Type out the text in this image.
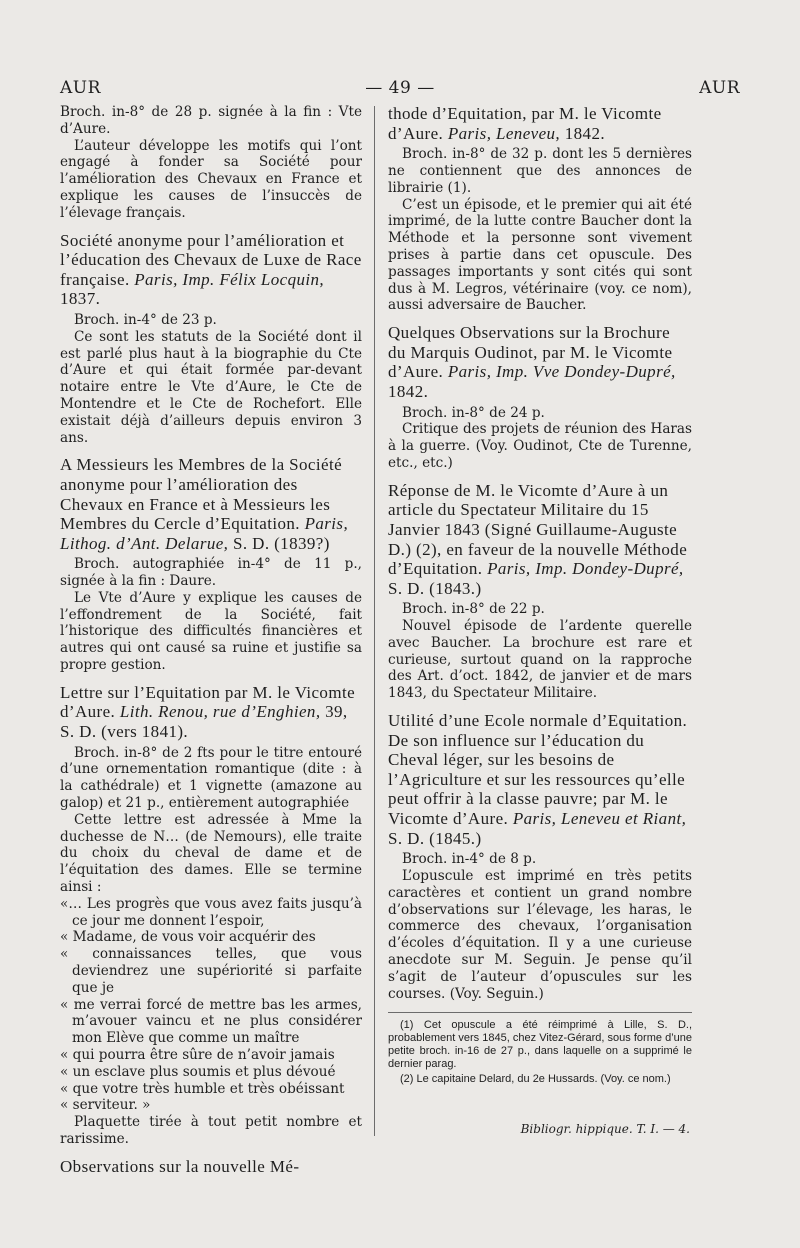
AUR	— 49 —	AUR

Broch. in-8° de 28 p. signée à la fin : Vte d’Aure.

L’auteur développe les motifs qui l’ont engagé à fonder sa Société pour l’amélioration des Chevaux en France et explique les causes de l’insuccès de l’élevage français.

Société anonyme pour l’amélioration et l’éducation des Chevaux de Luxe de Race française. Paris, Imp. Félix Locquin, 1837.

Broch. in-4° de 23 p.

Ce sont les statuts de la Société dont il est parlé plus haut à la biographie du Cte d’Aure et qui était formée par-devant notaire entre le Vte d’Aure, le Cte de Montendre et le Cte de Rochefort. Elle existait déjà d’ailleurs depuis environ 3 ans.

A Messieurs les Membres de la Société anonyme pour l’amélioration des Chevaux en France et à Messieurs les Membres du Cercle d’Equitation. Paris, Lithog. d’Ant. Delarue, S. D. (1839?)

Broch. autographiée in-4° de 11 p., signée à la fin : Daure.

Le Vte d’Aure y explique les causes de l’effondrement de la Société, fait l’historique des difficultés financières et autres qui ont causé sa ruine et justifie sa propre gestion.

Lettre sur l’Equitation par M. le Vicomte d’Aure. Lith. Renou, rue d’Enghien, 39, S. D. (vers 1841).

Broch. in-8° de 2 fts pour le titre entouré d’une ornementation romantique (dite : à la cathédrale) et 1 vignette (amazone au galop) et 21 p., entièrement autographiée

Cette lettre est adressée à Mme la duchesse de N… (de Nemours), elle traite du choix du cheval de dame et de l’équitation des dames. Elle se termine ainsi :

«… Les progrès que vous avez faits jusqu’à ce jour me donnent l’espoir,

« Madame, de vous voir acquérir des

« connaissances telles, que vous deviendrez une supériorité si parfaite que je

« me verrai forcé de mettre bas les armes, m’avouer vaincu et ne plus considérer mon Elève que comme un maître

« qui pourra être sûre de n’avoir jamais

« un esclave plus soumis et plus dévoué

« que votre très humble et très obéissant

« serviteur. »

Plaquette tirée à tout petit nombre et rarissime.

Observations sur la nouvelle Mé-
thode d’Equitation, par M. le Vicomte d’Aure. Paris, Leneveu, 1842.

Broch. in-8° de 32 p. dont les 5 dernières ne contiennent que des annonces de librairie (1).

C’est un épisode, et le premier qui ait été imprimé, de la lutte contre Baucher dont la Méthode et la personne sont vivement prises à partie dans cet opuscule. Des passages importants y sont cités qui sont dus à M. Legros, vétérinaire (voy. ce nom), aussi adversaire de Baucher.

Quelques Observations sur la Brochure du Marquis Oudinot, par M. le Vicomte d’Aure. Paris, Imp. Vve Dondey-Dupré, 1842.

Broch. in-8° de 24 p.

Critique des projets de réunion des Haras à la guerre. (Voy. Oudinot, Cte de Turenne, etc., etc.)

Réponse de M. le Vicomte d’Aure à un article du Spectateur Militaire du 15 Janvier 1843 (Signé Guillaume-Auguste D.) (2), en faveur de la nouvelle Méthode d’Equitation. Paris, Imp. Dondey-Dupré, S. D. (1843.)

Broch. in-8° de 22 p.

Nouvel épisode de l’ardente querelle avec Baucher. La brochure est rare et curieuse, surtout quand on la rapproche des Art. d’oct. 1842, de janvier et de mars 1843, du Spectateur Militaire.

Utilité d’une Ecole normale d’Equitation. De son influence sur l’éducation du Cheval léger, sur les besoins de l’Agriculture et sur les ressources qu’elle peut offrir à la classe pauvre; par M. le Vicomte d’Aure. Paris, Leneveu et Riant, S. D. (1845.)

Broch. in-4° de 8 p.

L’opuscule est imprimé en très petits caractères et contient un grand nombre d’observations sur l’élevage, les haras, le commerce des chevaux, l’organisation d’écoles d’équitation. Il y a une curieuse anecdote sur M. Seguin. Je pense qu’il s’agit de l’auteur d’opuscules sur les courses. (Voy. Seguin.)

(1) Cet opuscule a été réimprimé à Lille, S. D., probablement vers 1845, chez Vitez-Gérard, sous forme d’une petite broch. in-16 de 27 p., dans laquelle on a supprimé le dernier parag.

(2) Le capitaine Delard, du 2e Hussards. (Voy. ce nom.)

Bibliogr. hippique. T. I. — 4.
